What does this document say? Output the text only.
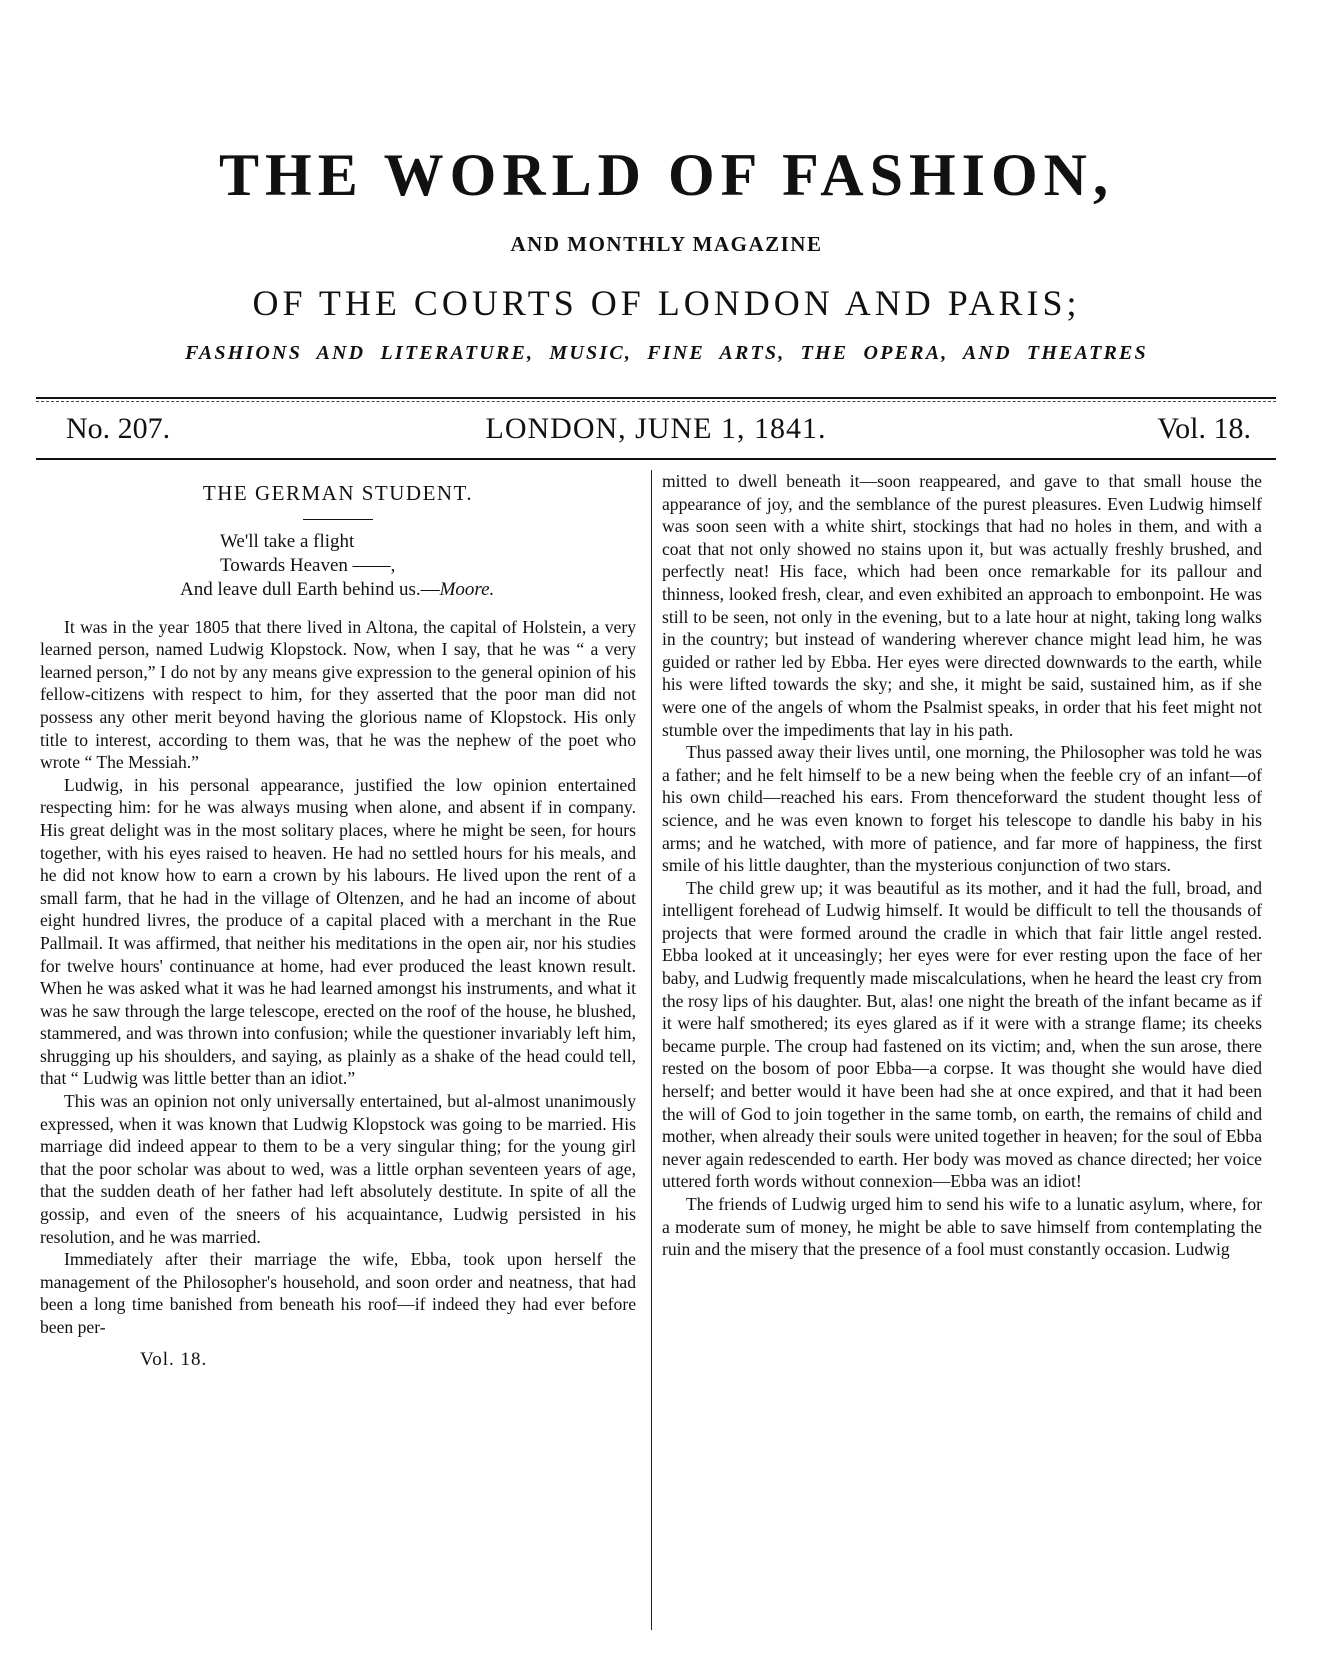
THE WORLD OF FASHION,
AND MONTHLY MAGAZINE
OF THE COURTS OF LONDON AND PARIS;
FASHIONS AND LITERATURE, MUSIC, FINE ARTS, THE OPERA, AND THEATRES
No. 207.	LONDON, JUNE 1, 1841.	Vol. 18.
THE GERMAN STUDENT.
We'll take a flight
Towards Heaven ——,
And leave dull Earth behind us.—Moore.

It was in the year 1805 that there lived in Altona, the capital of Holstein, a very learned person, named Ludwig Klopstock. Now, when I say, that he was “ a very learned person,” I do not by any means give expression to the general opinion of his fellow-citizens with respect to him, for they asserted that the poor man did not possess any other merit beyond having the glorious name of Klopstock. His only title to interest, according to them was, that he was the nephew of the poet who wrote “ The Messiah.”

Ludwig, in his personal appearance, justified the low opinion entertained respecting him: for he was always musing when alone, and absent if in company. His great delight was in the most solitary places, where he might be seen, for hours together, with his eyes raised to heaven. He had no settled hours for his meals, and he did not know how to earn a crown by his labours. He lived upon the rent of a small farm, that he had in the village of Oltenzen, and he had an income of about eight hundred livres, the produce of a capital placed with a merchant in the Rue Pallmail. It was affirmed, that neither his meditations in the open air, nor his studies for twelve hours' continuance at home, had ever produced the least known result. When he was asked what it was he had learned amongst his instruments, and what it was he saw through the large telescope, erected on the roof of the house, he blushed, stammered, and was thrown into confusion; while the questioner invariably left him, shrugging up his shoulders, and saying, as plainly as a shake of the head could tell, that “ Ludwig was little better than an idiot.”

This was an opinion not only universally entertained, but al-almost unanimously expressed, when it was known that Ludwig Klopstock was going to be married. His marriage did indeed appear to them to be a very singular thing; for the young girl that the poor scholar was about to wed, was a little orphan seventeen years of age, that the sudden death of her father had left absolutely destitute. In spite of all the gossip, and even of the sneers of his acquaintance, Ludwig persisted in his resolution, and he was married.

Immediately after their marriage the wife, Ebba, took upon herself the management of the Philosopher's household, and soon order and neatness, that had been a long time banished from beneath his roof—if indeed they had ever before been per-

Vol. 18.

mitted to dwell beneath it—soon reappeared, and gave to that small house the appearance of joy, and the semblance of the purest pleasures. Even Ludwig himself was soon seen with a white shirt, stockings that had no holes in them, and with a coat that not only showed no stains upon it, but was actually freshly brushed, and perfectly neat! His face, which had been once remarkable for its pallour and thinness, looked fresh, clear, and even exhibited an approach to embonpoint. He was still to be seen, not only in the evening, but to a late hour at night, taking long walks in the country; but instead of wandering wherever chance might lead him, he was guided or rather led by Ebba. Her eyes were directed downwards to the earth, while his were lifted towards the sky; and she, it might be said, sustained him, as if she were one of the angels of whom the Psalmist speaks, in order that his feet might not stumble over the impediments that lay in his path.

Thus passed away their lives until, one morning, the Philosopher was told he was a father; and he felt himself to be a new being when the feeble cry of an infant—of his own child—reached his ears. From thenceforward the student thought less of science, and he was even known to forget his telescope to dandle his baby in his arms; and he watched, with more of patience, and far more of happiness, the first smile of his little daughter, than the mysterious conjunction of two stars.

The child grew up; it was beautiful as its mother, and it had the full, broad, and intelligent forehead of Ludwig himself. It would be difficult to tell the thousands of projects that were formed around the cradle in which that fair little angel rested. Ebba looked at it unceasingly; her eyes were for ever resting upon the face of her baby, and Ludwig frequently made miscalculations, when he heard the least cry from the rosy lips of his daughter. But, alas! one night the breath of the infant became as if it were half smothered; its eyes glared as if it were with a strange flame; its cheeks became purple. The croup had fastened on its victim; and, when the sun arose, there rested on the bosom of poor Ebba—a corpse. It was thought she would have died herself; and better would it have been had she at once expired, and that it had been the will of God to join together in the same tomb, on earth, the remains of child and mother, when already their souls were united together in heaven; for the soul of Ebba never again redescended to earth. Her body was moved as chance directed; her voice uttered forth words without connexion—Ebba was an idiot!

The friends of Ludwig urged him to send his wife to a lunatic asylum, where, for a moderate sum of money, he might be able to save himself from contemplating the ruin and the misery that the presence of a fool must constantly occasion. Ludwig
